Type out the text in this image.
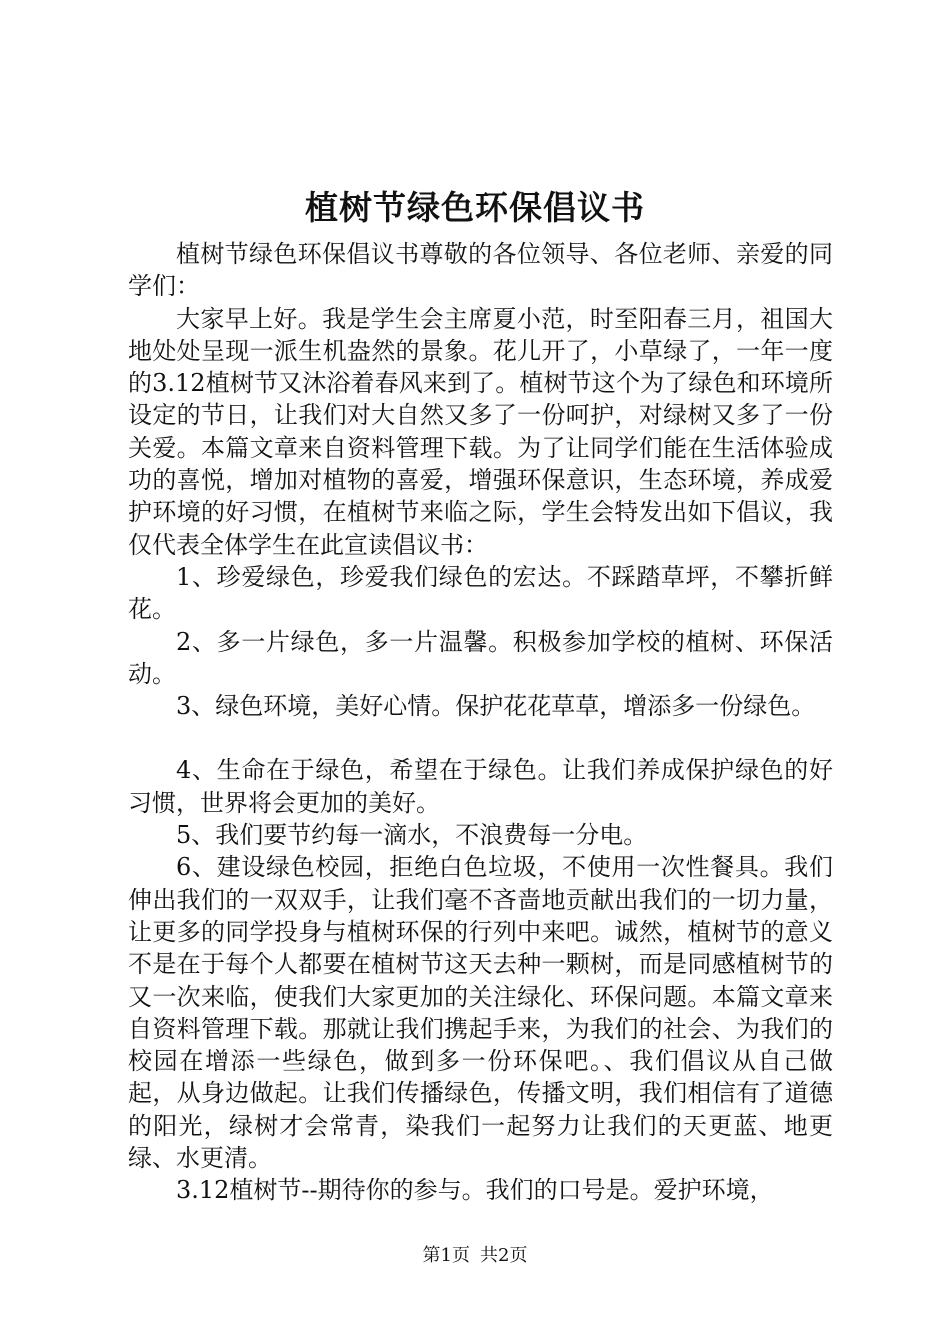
植树节绿色环保倡议书

植树节绿色环保倡议书尊敬的各位领导、各位老师、亲爱的同学们：

大家早上好。我是学生会主席夏小范，时至阳春三月，祖国大地处处呈现一派生机盎然的景象。花儿开了，小草绿了，一年一度的3.12植树节又沐浴着春风来到了。植树节这个为了绿色和环境所设定的节日，让我们对大自然又多了一份呵护，对绿树又多了一份关爱。本篇文章来自资料管理下载。为了让同学们能在生活体验成功的喜悦，增加对植物的喜爱，增强环保意识，生态环境，养成爱护环境的好习惯，在植树节来临之际，学生会特发出如下倡议，我仅代表全体学生在此宣读倡议书：

1、珍爱绿色，珍爱我们绿色的宏达。不踩踏草坪，不攀折鲜花。

2、多一片绿色，多一片温馨。积极参加学校的植树、环保活动。

3、绿色环境，美好心情。保护花花草草，增添多一份绿色。

4、生命在于绿色，希望在于绿色。让我们养成保护绿色的好习惯，世界将会更加的美好。

5、我们要节约每一滴水，不浪费每一分电。

6、建设绿色校园，拒绝白色垃圾，不使用一次性餐具。我们伸出我们的一双双手，让我们毫不吝啬地贡献出我们的一切力量，让更多的同学投身与植树环保的行列中来吧。诚然，植树节的意义不是在于每个人都要在植树节这天去种一颗树，而是同感植树节的又一次来临，使我们大家更加的关注绿化、环保问题。本篇文章来自资料管理下载。那就让我们携起手来，为我们的社会、为我们的校园在增添一些绿色，做到多一份环保吧。、我们倡议从自己做起，从身边做起。让我们传播绿色，传播文明，我们相信有了道德的阳光，绿树才会常青，染我们一起努力让我们的天更蓝、地更绿、水更清。

3.12植树节--期待你的参与。我们的口号是。爱护环境，

第1页 共2页
